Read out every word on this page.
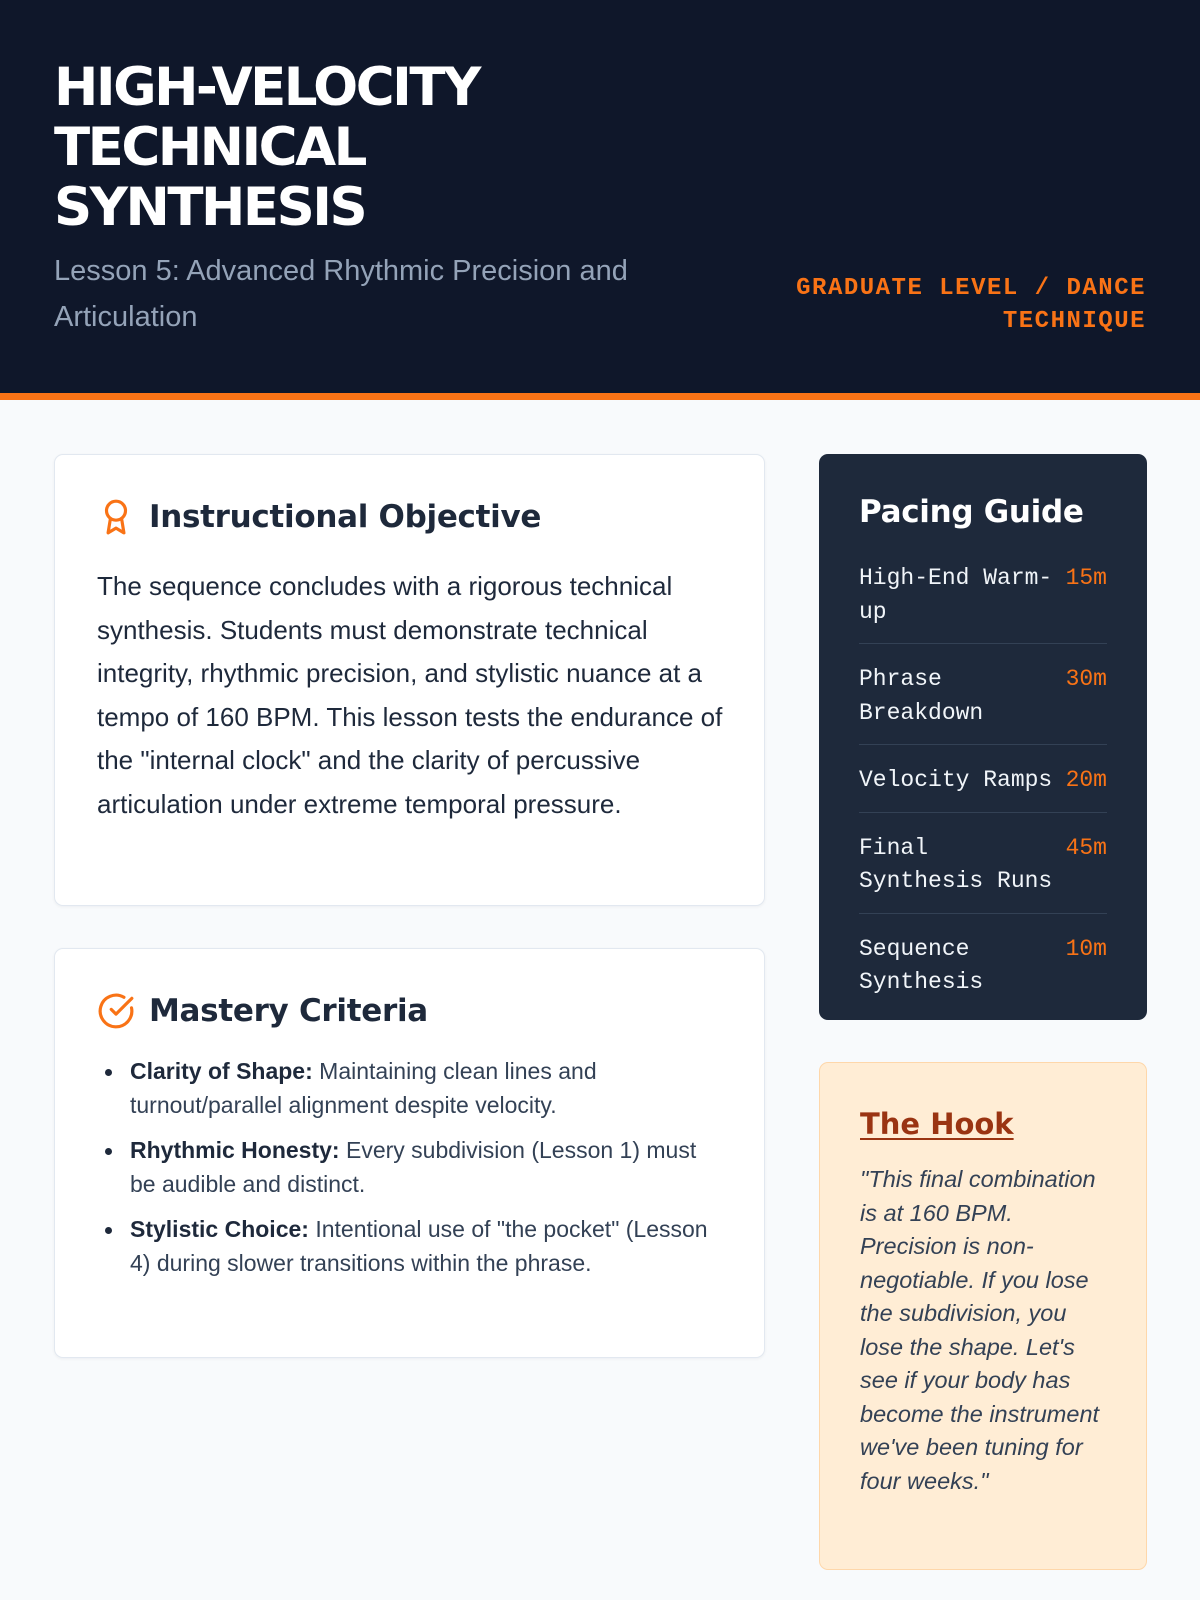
HIGH-VELOCITY TECHNICAL SYNTHESIS

Lesson 5: Advanced Rhythmic Precision and Articulation

GRADUATE LEVEL / DANCE TECHNIQUE
Instructional Objective

The sequence concludes with a rigorous technical synthesis. Students must demonstrate technical integrity, rhythmic precision, and stylistic nuance at a tempo of 160 BPM. This lesson tests the endurance of the "internal clock" and the clarity of percussive articulation under extreme temporal pressure.

Mastery Criteria
Clarity of Shape: Maintaining clean lines and turnout/parallel alignment despite velocity.
Rhythmic Honesty: Every subdivision (Lesson 1) must be audible and distinct.
Stylistic Choice: Intentional use of "the pocket" (Lesson 4) during slower transitions within the phrase.
Pacing Guide
High-End Warm-up
15m
Phrase Breakdown
30m
Velocity Ramps 20m
Final Synthesis Runs
45m
Sequence Synthesis
10m
The Hook

"This final combination is at 160 BPM. Precision is non-negotiable. If you lose the subdivision, you lose the shape. Let's see if your body has become the instrument we've been tuning for four weeks."
